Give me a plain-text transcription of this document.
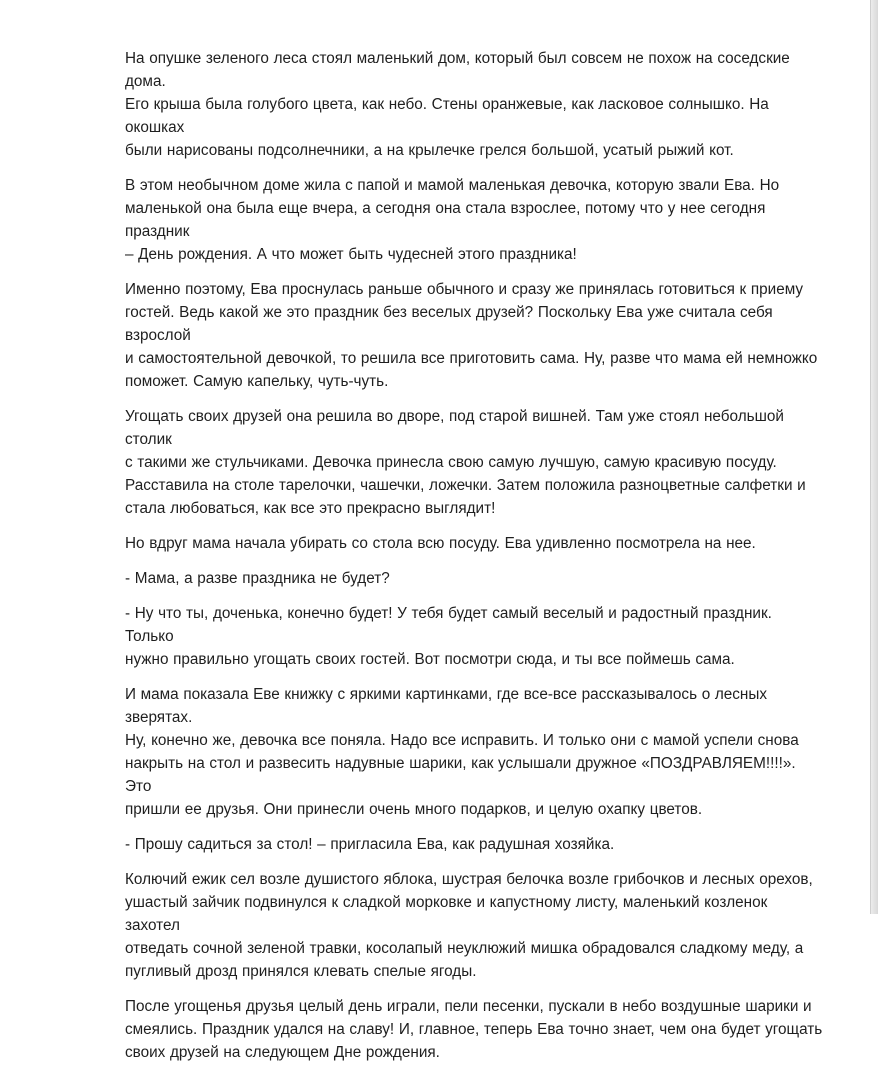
На опушке зеленого леса стоял маленький дом, который был совсем не похож на соседские дома.
Его крыша была голубого цвета, как небо. Стены оранжевые, как ласковое солнышко. На окошках
были нарисованы подсолнечники, а на крылечке грелся большой, усатый рыжий кот.

В этом необычном доме жила с папой и мамой маленькая девочка, которую звали Ева. Но
маленькой она была еще вчера, а сегодня она стала взрослее, потому что у нее сегодня праздник
– День рождения. А что может быть чудесней этого праздника!

Именно поэтому, Ева проснулась раньше обычного и сразу же принялась готовиться к приему
гостей. Ведь какой же это праздник без веселых друзей? Поскольку Ева уже считала себя взрослой
и самостоятельной девочкой, то решила все приготовить сама. Ну, разве что мама ей немножко
поможет. Самую капельку, чуть-чуть.

Угощать своих друзей она решила во дворе, под старой вишней. Там уже стоял небольшой столик
с такими же стульчиками. Девочка принесла свою самую лучшую, самую красивую посуду.
Расставила на столе тарелочки, чашечки, ложечки. Затем положила разноцветные салфетки и
стала любоваться, как все это прекрасно выглядит!

Но вдруг мама начала убирать со стола всю посуду. Ева удивленно посмотрела на нее.

- Мама, а разве праздника не будет?

- Ну что ты, доченька, конечно будет! У тебя будет самый веселый и радостный праздник. Только
нужно правильно угощать своих гостей. Вот посмотри сюда, и ты все поймешь сама.

И мама показала Еве книжку с яркими картинками, где все-все рассказывалось о лесных зверятах.
Ну, конечно же, девочка все поняла. Надо все исправить. И только они с мамой успели снова
накрыть на стол и развесить надувные шарики, как услышали дружное «ПОЗДРАВЛЯЕМ!!!!». Это
пришли ее друзья. Они принесли очень много подарков, и целую охапку цветов.

- Прошу садиться за стол! – пригласила Ева, как радушная хозяйка.

Колючий ежик сел возле душистого яблока, шустрая белочка возле грибочков и лесных орехов,
ушастый зайчик подвинулся к сладкой морковке и капустному листу, маленький козленок захотел
отведать сочной зеленой травки, косолапый неуклюжий мишка обрадовался сладкому меду, а
пугливый дрозд принялся клевать спелые ягоды.

После угощенья друзья целый день играли, пели песенки, пускали в небо воздушные шарики и
смеялись. Праздник удался на славу! И, главное, теперь Ева точно знает, чем она будет угощать
своих друзей на следующем Дне рождения.
